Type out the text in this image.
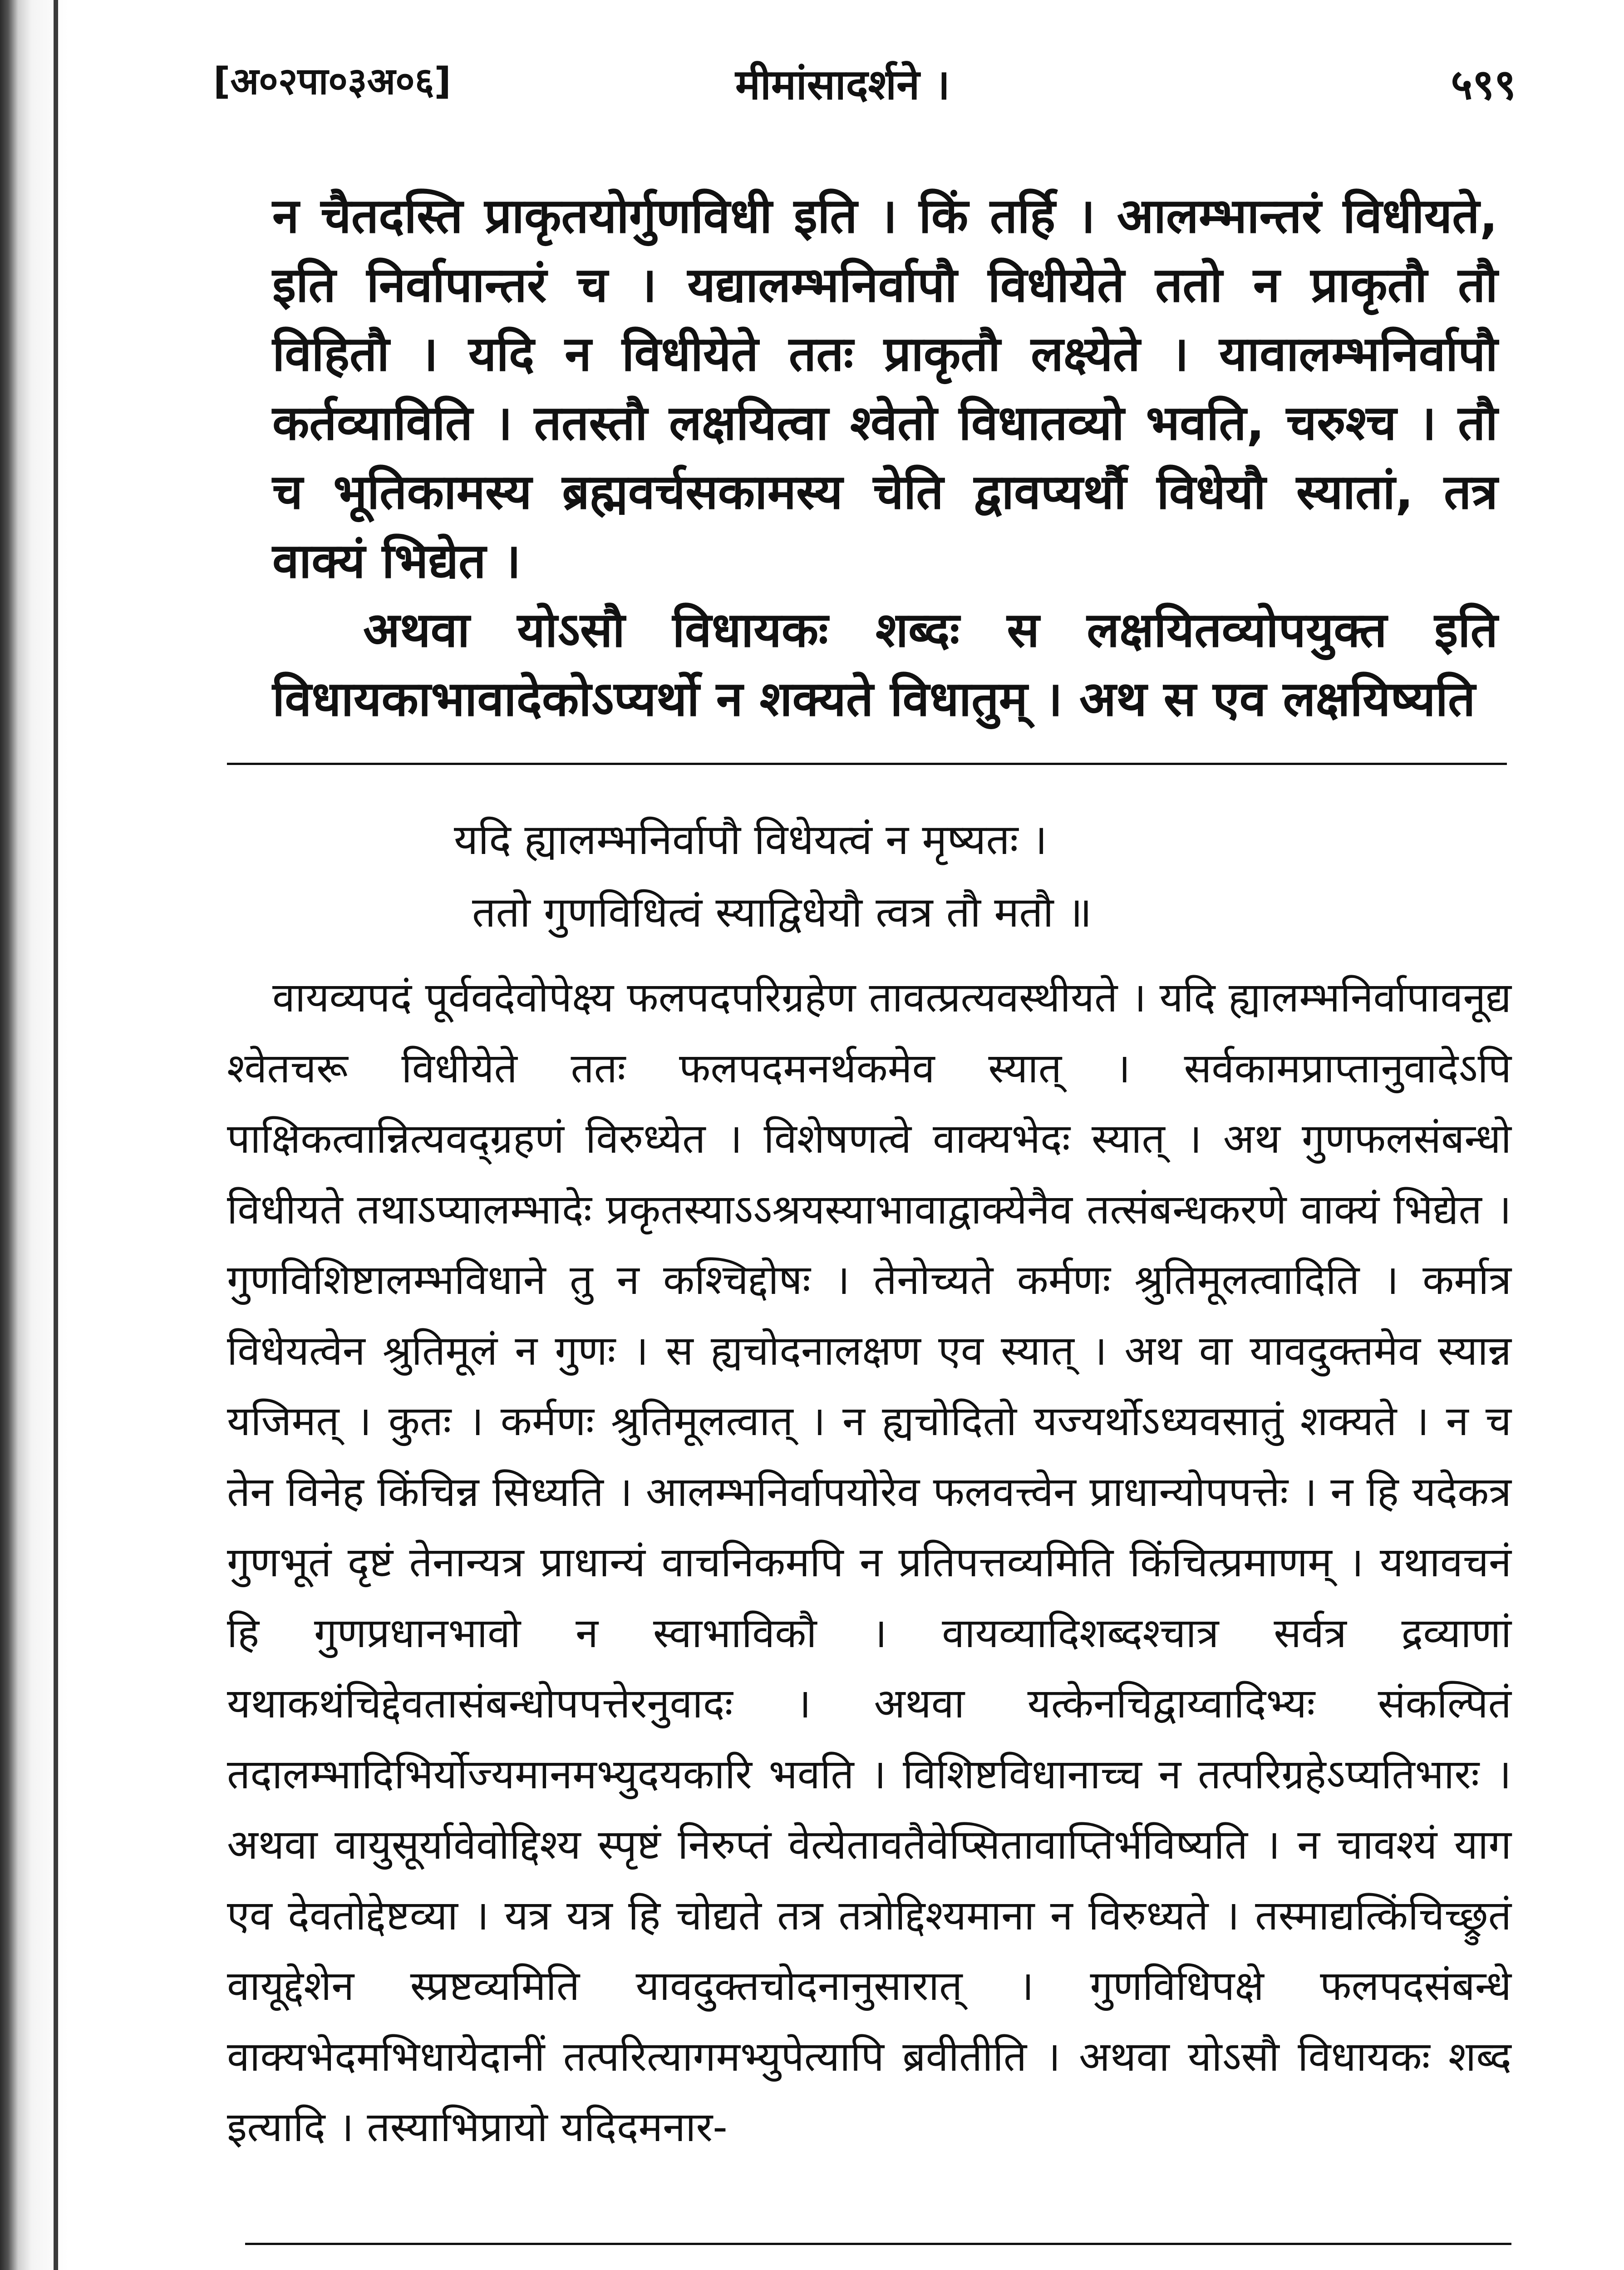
[अ०२पा०३अ०६]	मीमांसादर्शने ।	५९९

न चैतदस्ति प्राकृतयोर्गुणविधी इति । किं तर्हि । आलम्भान्तरं विधीयते, इति निर्वापान्तरं च । यद्यालम्भनिर्वापौ विधीयेते ततो न प्राकृतौ तौ विहितौ । यदि न विधीयेते ततः प्राकृतौ लक्ष्येते । यावालम्भनिर्वापौ कर्तव्याविति । ततस्तौ लक्षयित्वा श्वेतो विधातव्यो भवति, चरुश्च । तौ च भूतिकामस्य ब्रह्मवर्चसकामस्य चेति द्वावप्यर्थौ विधेयौ स्यातां, तत्र वाक्यं भिद्येत ।

अथवा योऽसौ विधायकः शब्दः स लक्षयितव्योपयुक्त इति विधायकाभावादेकोऽप्यर्थो न शक्यते विधातुम् । अथ स एव लक्षयिष्यति

यदि ह्यालम्भनिर्वापौ विधेयत्वं न मृष्यतः ।
ततो गुणविधित्वं स्याद्विधेयौ त्वत्र तौ मतौ ॥

वायव्यपदं पूर्ववदेवोपेक्ष्य फलपदपरिग्रहेण तावत्प्रत्यवस्थीयते । यदि ह्यालम्भनिर्वापावनूद्य श्वेतचरू विधीयेते ततः फलपदमनर्थकमेव स्यात् । सर्वकामप्राप्तानुवादेऽपि पाक्षिकत्वान्नित्यवद्ग्रहणं विरुध्येत । विशेषणत्वे वाक्यभेदः स्यात् । अथ गुणफलसंबन्धो विधीयते तथाऽप्यालम्भादेः प्रकृतस्याऽऽश्रयस्याभावाद्वाक्येनैव तत्संबन्धकरणे वाक्यं भिद्येत । गुणविशिष्टालम्भविधाने तु न कश्चिद्दोषः । तेनोच्यते कर्मणः श्रुतिमूलत्वादिति । कर्मात्र विधेयत्वेन श्रुतिमूलं न गुणः । स ह्यचोदनालक्षण एव स्यात् । अथ वा यावदुक्तमेव स्यान्न यजिमत् । कुतः । कर्मणः श्रुतिमूलत्वात् । न ह्यचोदितो यज्यर्थोऽध्यवसातुं शक्यते । न च तेन विनेह किंचिन्न सिध्यति । आलम्भनिर्वापयोरेव फलवत्त्वेन प्राधान्योपपत्तेः । न हि यदेकत्र गुणभूतं दृष्टं तेनान्यत्र प्राधान्यं वाचनिकमपि न प्रतिपत्तव्यमिति किंचित्प्रमाणम् । यथावचनं हि गुणप्रधानभावो न स्वाभाविकौ । वायव्यादिशब्दश्चात्र सर्वत्र द्रव्याणां यथाकथंचिद्देवतासंबन्धोपपत्तेरनुवादः । अथवा यत्केनचिद्वाय्वादिभ्यः संकल्पितं तदालम्भादिभिर्योज्यमानमभ्युदयकारि भवति । विशिष्टविधानाच्च न तत्परिग्रहेऽप्यतिभारः । अथवा वायुसूर्यावेवोद्दिश्य स्पृष्टं निरुप्तं वेत्येतावतैवेप्सितावाप्तिर्भविष्यति । न चावश्यं याग एव देवतोद्देष्टव्या । यत्र यत्र हि चोद्यते तत्र तत्रोद्दिश्यमाना न विरुध्यते । तस्माद्यत्किंचिच्छ्रुतं वायूद्देशेन स्प्रष्टव्यमिति यावदुक्तचोदनानुसारात् । गुणविधिपक्षे फलपदसंबन्धे वाक्यभेदमभिधायेदानीं तत्परित्यागमभ्युपेत्यापि ब्रवीतीति । अथवा योऽसौ विधायकः शब्द इत्यादि । तस्याभिप्रायो यदिदमनार-
